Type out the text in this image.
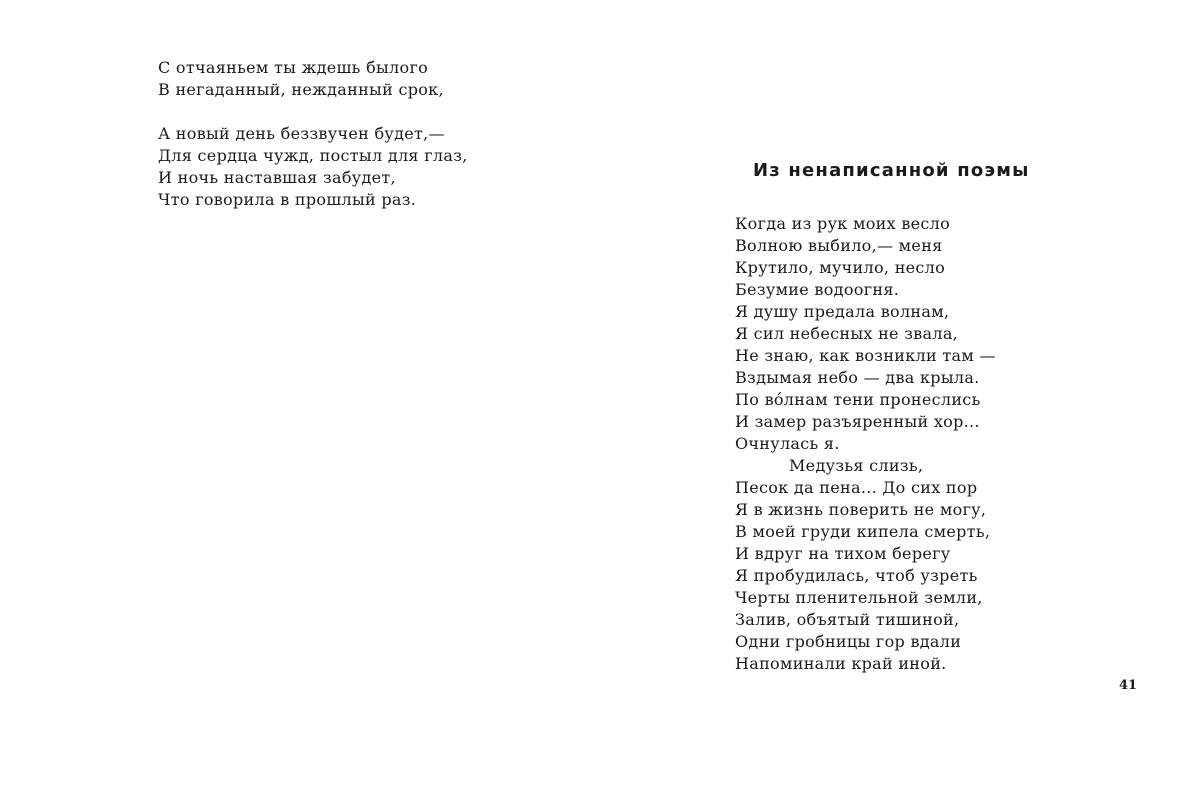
С отчаяньем ты ждешь былого
В негаданный, нежданный срок,
А новый день беззвучен будет,—
Для сердца чужд, постыл для глаз,
И ночь наставшая забудет,
Что говорила в прошлый раз.
Из ненаписанной поэмы
Когда из рук моих весло
Волною выбило,— меня
Крутило, мучило, несло
Безумие водоогня.
Я душу предала волнам,
Я сил небесных не звала,
Не знаю, как возникли там —
Вздымая небо — два крыла.
По вóлнам тени пронеслись
И замер разъяренный хор...
Очнулась я.
Медузья слизь,
Песок да пена... До сих пор
Я в жизнь поверить не могу,
В моей груди кипела смерть,
И вдруг на тихом берегу
Я пробудилась, чтоб узреть
Черты пленительной земли,
Залив, объятый тишиной,
Одни гробницы гор вдали
Напоминали край иной.
41
